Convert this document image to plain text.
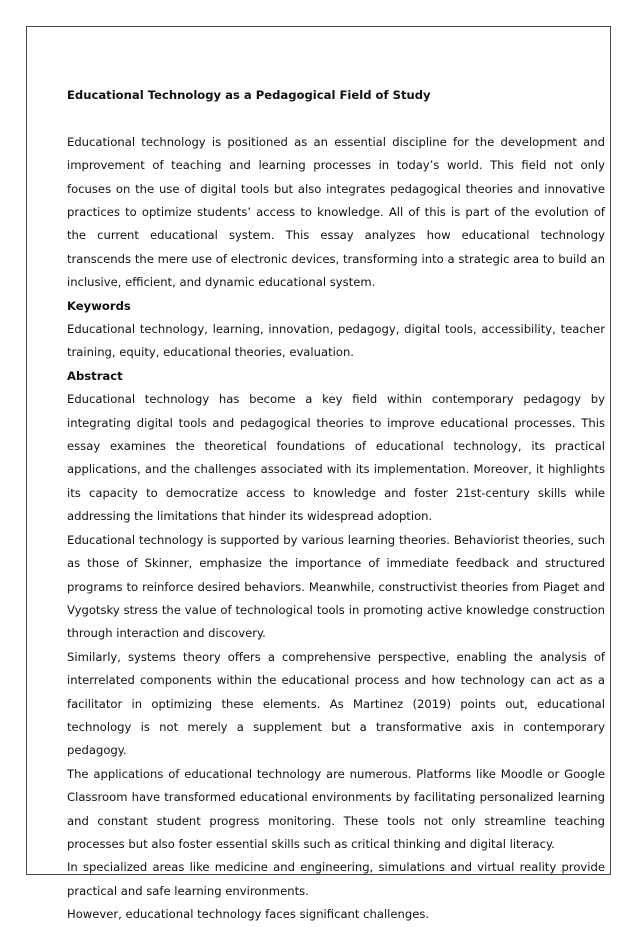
Educational Technology as a Pedagogical Field of Study

Educational technology is positioned as an essential discipline for the development and improvement of teaching and learning processes in today’s world. This field not only focuses on the use of digital tools but also integrates pedagogical theories and innovative practices to optimize students’ access to knowledge. All of this is part of the evolution of the current educational system. This essay analyzes how educational technology transcends the mere use of electronic devices, transforming into a strategic area to build an inclusive, efficient, and dynamic educational system.

Keywords

Educational technology, learning, innovation, pedagogy, digital tools, accessibility, teacher training, equity, educational theories, evaluation.

Abstract

Educational technology has become a key field within contemporary pedagogy by integrating digital tools and pedagogical theories to improve educational processes. This essay examines the theoretical foundations of educational technology, its practical applications, and the challenges associated with its implementation. Moreover, it highlights its capacity to democratize access to knowledge and foster 21st-century skills while addressing the limitations that hinder its widespread adoption.

Educational technology is supported by various learning theories. Behaviorist theories, such as those of Skinner, emphasize the importance of immediate feedback and structured programs to reinforce desired behaviors. Meanwhile, constructivist theories from Piaget and Vygotsky stress the value of technological tools in promoting active knowledge construction through interaction and discovery.

Similarly, systems theory offers a comprehensive perspective, enabling the analysis of interrelated components within the educational process and how technology can act as a facilitator in optimizing these elements. As Martinez (2019) points out, educational technology is not merely a supplement but a transformative axis in contemporary pedagogy.

The applications of educational technology are numerous. Platforms like Moodle or Google Classroom have transformed educational environments by facilitating personalized learning and constant student progress monitoring. These tools not only streamline teaching processes but also foster essential skills such as critical thinking and digital literacy.

In specialized areas like medicine and engineering, simulations and virtual reality provide practical and safe learning environments.

However, educational technology faces significant challenges.
